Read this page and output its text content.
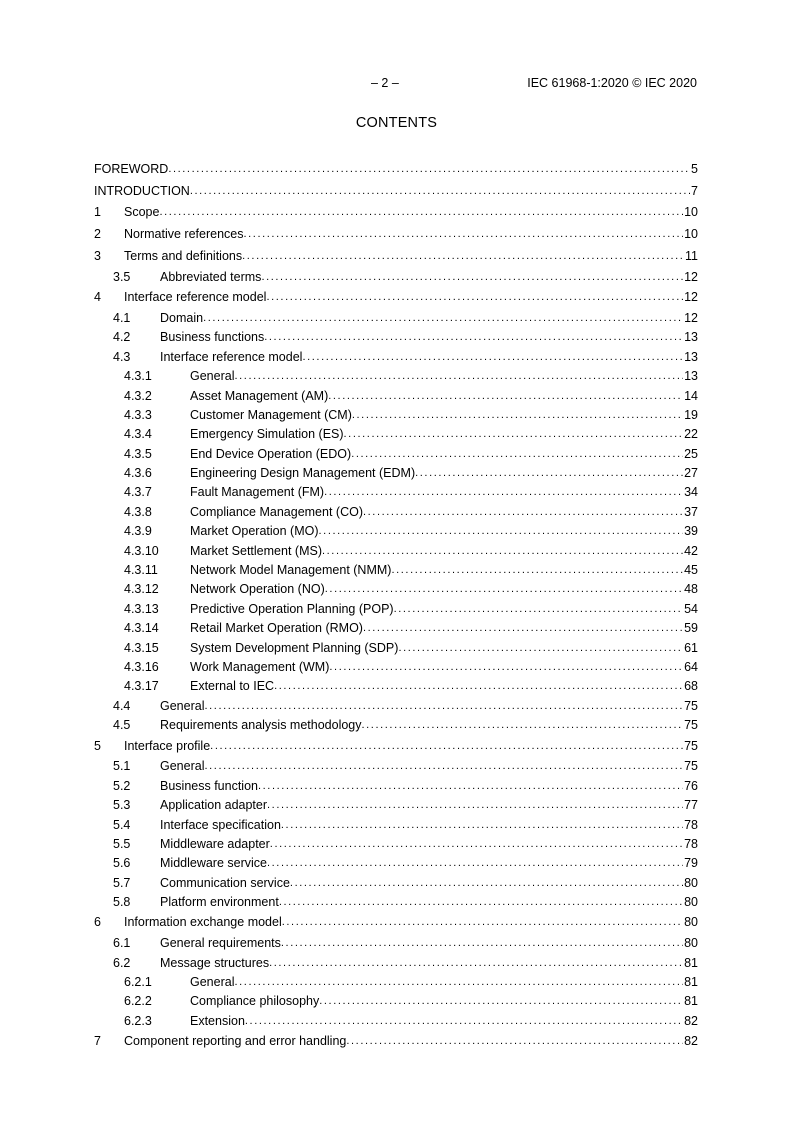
– 2 –	IEC 61968-1:2020 © IEC 2020
CONTENTS
FOREWORD .....	5
INTRODUCTION .....	7
1 Scope .....	10
2 Normative references .....	10
3 Terms and definitions .....	11
3.5 Abbreviated terms .....	12
4 Interface reference model .....	12
4.1 Domain .....	12
4.2 Business functions .....	13
4.3 Interface reference model .....	13
4.3.1	General .....	13
4.3.2	Asset Management (AM) .....	14
4.3.3	Customer Management (CM) .....	19
4.3.4	Emergency Simulation (ES) .....	22
4.3.5	End Device Operation (EDO) .....	25
4.3.6	Engineering Design Management (EDM) .....	27
4.3.7	Fault Management (FM) .....	34
4.3.8	Compliance Management (CO) .....	37
4.3.9	Market Operation (MO) .....	39
4.3.10 Market Settlement (MS) .....	42
4.3.11	Network Model Management (NMM) .....	45
4.3.12 Network Operation (NO) .....	48
4.3.13 Predictive Operation Planning (POP) .....	54
4.3.14 Retail Market Operation (RMO) .....	59
4.3.15 System Development Planning (SDP) .....	61
4.3.16 Work Management (WM) .....	64
4.3.17 External to IEC .....	68
4.4 General .....	75
4.5 Requirements analysis methodology .....	75
5 Interface profile .....	75
5.1 General .....	75
5.2 Business function .....	76
5.3 Application adapter .....	77
5.4 Interface specification .....	78
5.5 Middleware adapter .....	78
5.6 Middleware service .....	79
5.7 Communication service .....	80
5.8 Platform environment .....	80
6 Information exchange model .....	80
6.1 General requirements .....	80
6.2 Message structures .....	81
6.2.1	General .....	81
6.2.2	Compliance philosophy .....	81
6.2.3	Extension .....	82
7 Component reporting and error handling .....	82
